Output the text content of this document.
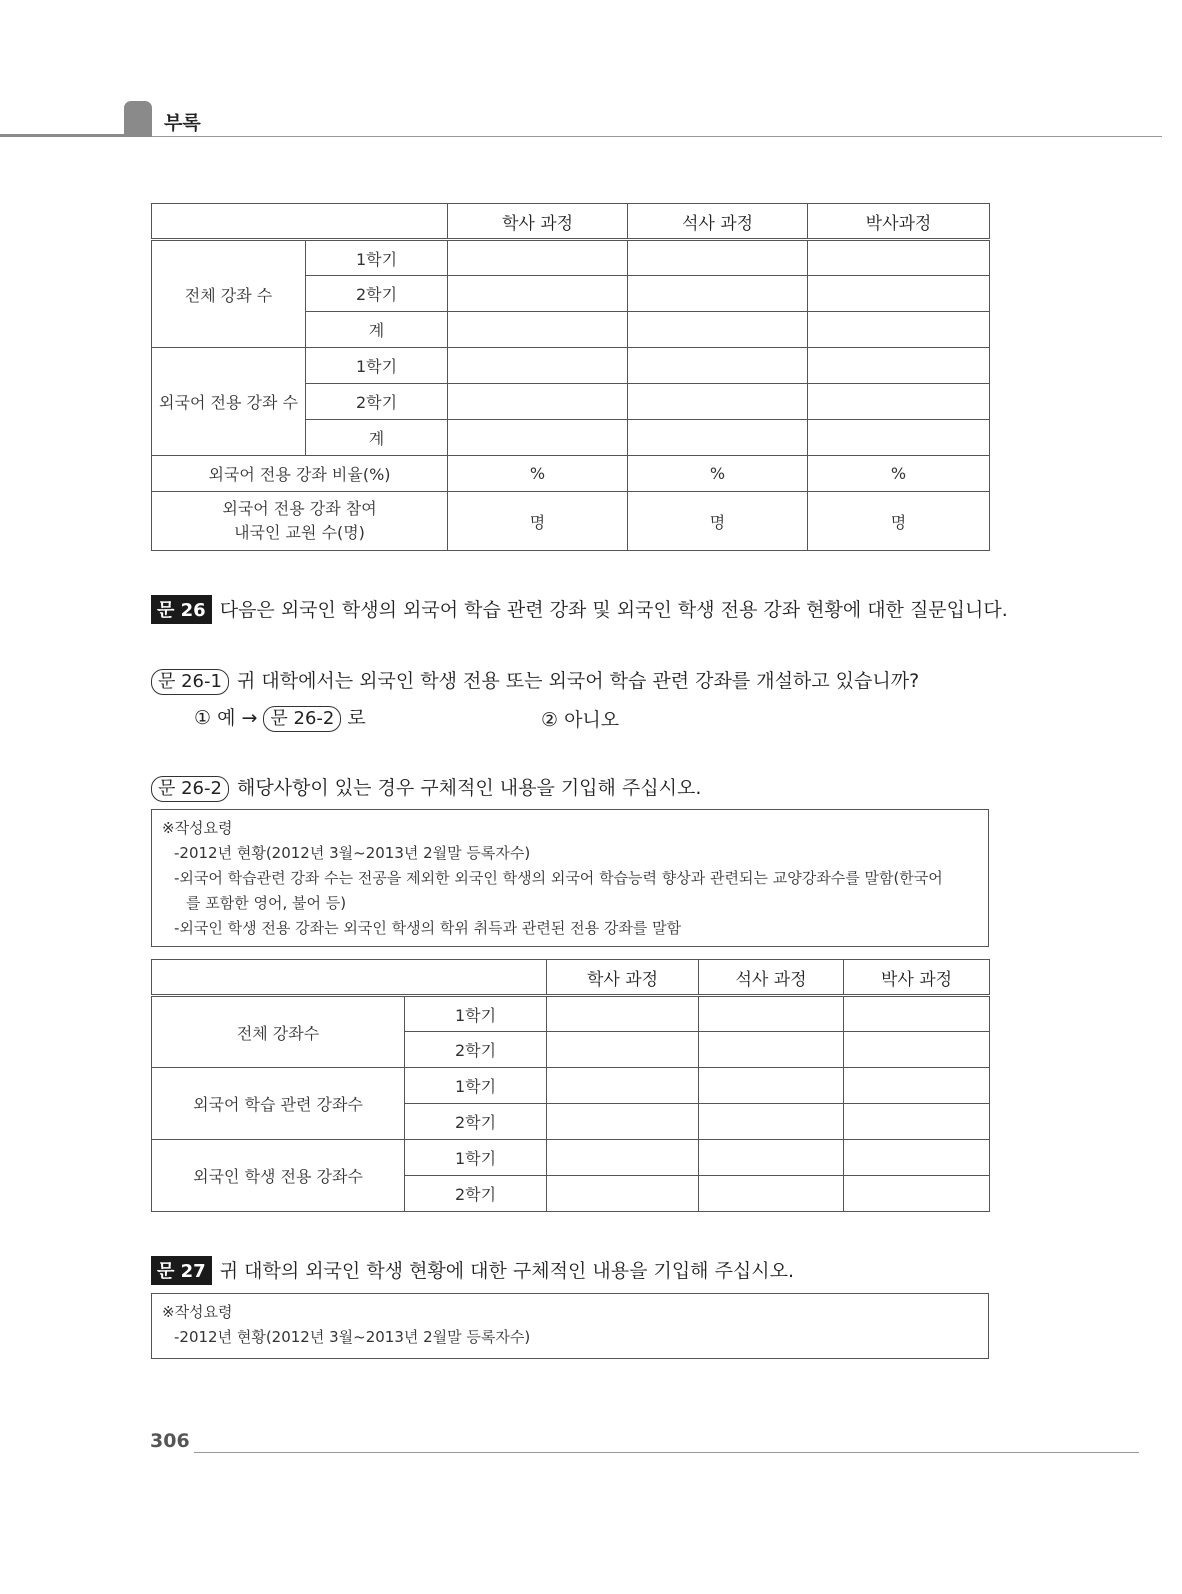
부록
		학사 과정	석사 과정	박사과정
전체 강좌 수	1학기			
	2학기			
	계			
외국어 전용 강좌 수	1학기			
	2학기			
	계			
외국어 전용 강좌 비율(%)		%	%	%

외국어 전용 강좌 참여
내국인 교원 수(명)		명	명	명
문 26 다음은 외국인 학생의 외국어 학습 관련 강좌 및 외국인 학생 전용 강좌 현황에 대한 질문입니다.
문 26-1 귀 대학에서는 외국인 학생 전용 또는 외국어 학습 관련 강좌를 개설하고 있습니까?
① 예 → 문 26-2 로	② 아니오
문 26-2 해당사항이 있는 경우 구체적인 내용을 기입해 주십시오.
※작성요령
-2012년 현황(2012년 3월~2013년 2월말 등록자수)
-외국어 학습관련 강좌 수는 전공을 제외한 외국인 학생의 외국어 학습능력 향상과 관련되는 교양강좌수를 말함(한국어
를 포함한 영어, 불어 등)
-외국인 학생 전용 강좌는 외국인 학생의 학위 취득과 관련된 전용 강좌를 말함
		학사 과정	석사 과정	박사 과정
전체 강좌수	1학기			
	2학기			
외국어 학습 관련 강좌수	1학기			
	2학기			
외국인 학생 전용 강좌수	1학기			
	2학기			
문 27 귀 대학의 외국인 학생 현황에 대한 구체적인 내용을 기입해 주십시오.
※작성요령
-2012년 현황(2012년 3월~2013년 2월말 등록자수)
306
